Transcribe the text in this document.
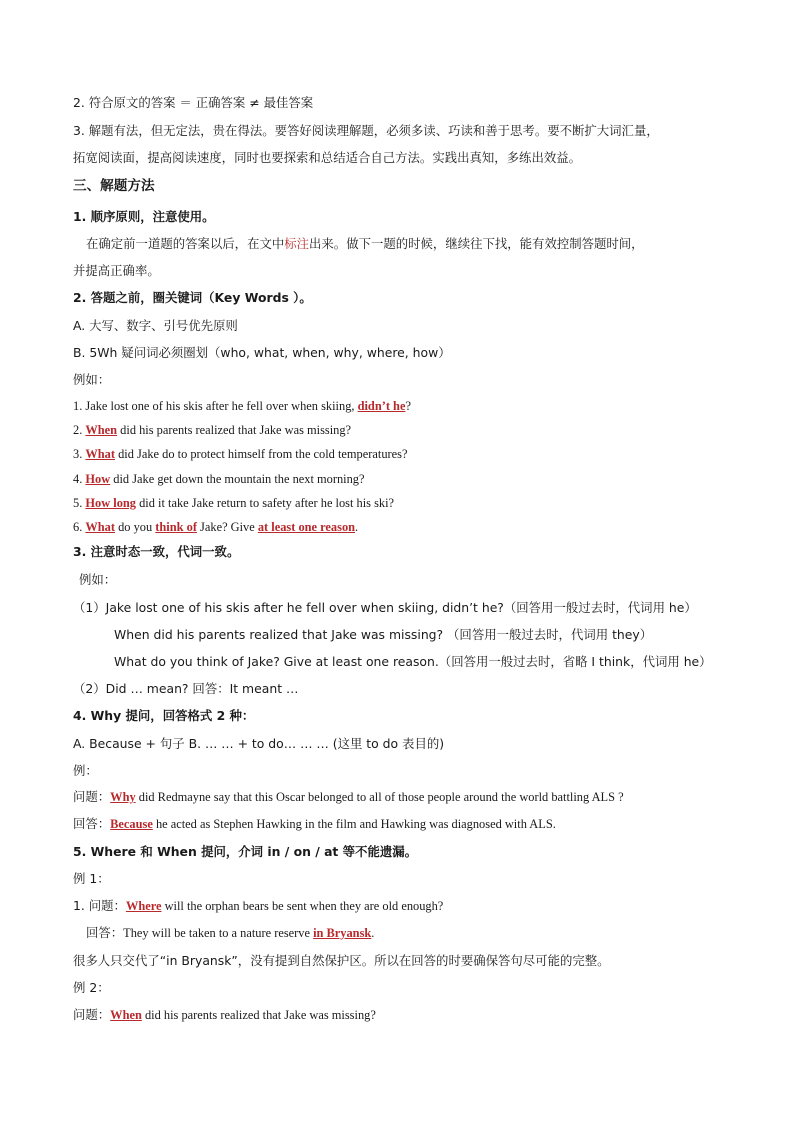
2. 符合原文的答案 ＝ 正确答案 ≠ 最佳答案
3. 解题有法，但无定法，贵在得法。要答好阅读理解题，必须多读、巧读和善于思考。要不断扩大词汇量，
拓宽阅读面，提高阅读速度，同时也要探索和总结适合自己方法。实践出真知，多练出效益。
三、解题方法
1. 顺序原则，注意使用。
在确定前一道题的答案以后，在文中标注出来。做下一题的时候，继续往下找，能有效控制答题时间，
并提高正确率。
2. 答题之前，圈关键词（Key Words ）。
A. 大写、数字、引号优先原则
B. 5Wh 疑问词必须圈划（who, what, when, why, where, how）
例如：
1. Jake lost one of his skis after he fell over when skiing, didn’t he?
2. When did his parents realized that Jake was missing?
3. What did Jake do to protect himself from the cold temperatures?
4. How did Jake get down the mountain the next morning?
5. How long did it take Jake return to safety after he lost his ski?
6. What do you think of Jake? Give at least one reason.
3. 注意时态一致，代词一致。
例如：
（1）Jake lost one of his skis after he fell over when skiing, didn’t he?（回答用一般过去时，代词用 he）
When did his parents realized that Jake was missing? （回答用一般过去时，代词用 they）
What do you think of Jake? Give at least one reason.（回答用一般过去时，省略 I think，代词用 he）
（2）Did … mean? 回答：It meant …
4. Why 提问，回答格式 2 种：
A. Because + 句子 B. … … + to do… … … (这里 to do 表目的)
例：
问题：Why did Redmayne say that this Oscar belonged to all of those people around the world battling ALS ?
回答：Because he acted as Stephen Hawking in the film and Hawking was diagnosed with ALS.
5. Where 和 When 提问，介词 in / on / at 等不能遗漏。
例 1：
1. 问题：Where will the orphan bears be sent when they are old enough?
回答：They will be taken to a nature reserve in Bryansk.
很多人只交代了“in Bryansk”，没有提到自然保护区。所以在回答的时要确保答句尽可能的完整。
例 2：
问题：When did his parents realized that Jake was missing?
